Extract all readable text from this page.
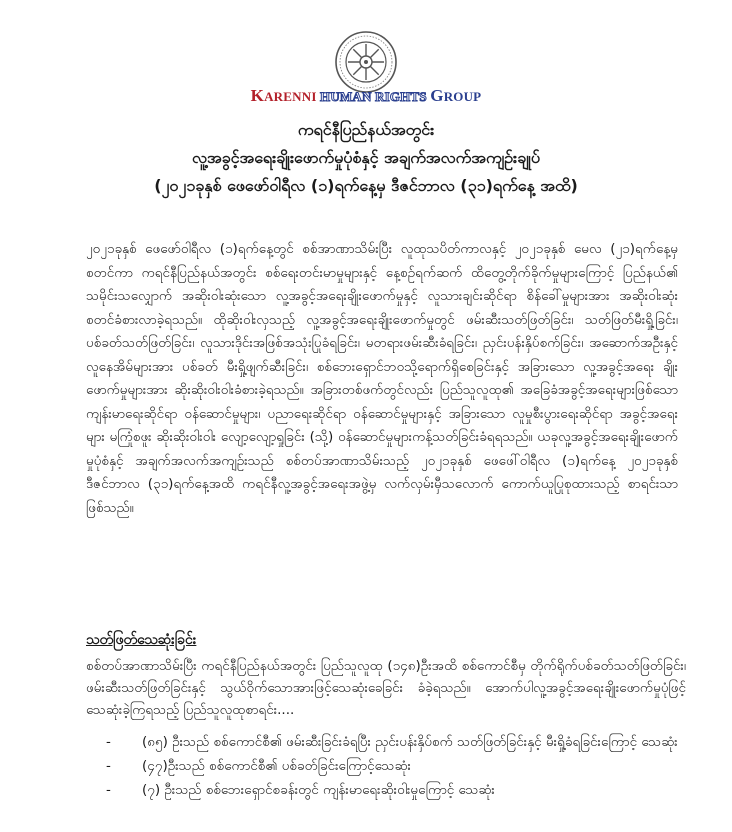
KARENNI HUMAN RIGHTS GROUP
ကရင်နီပြည်နယ်အတွင်း
လူ့အခွင့်အရေးချိုးဖောက်မှုပုံစံနှင့် အချက်အလက်အကျဉ်းချုပ်
(၂၀၂၁ခုနှစ် ဖေဖော်ဝါရီလ (၁)ရက်နေ့မှ ဒီဇင်ဘာလ (၃၁)ရက်နေ့ အထိ)
၂၀၂၁ခုနှစ် ဖေဖော်ဝါရီလ (၁)ရက်နေ့တွင် စစ်အာဏာသိမ်းပြီး လူထုသပိတ်ကာလနှင့် ၂၀၂၁ခုနှစ် မေလ (၂၁)ရက်နေ့မှ စတင်ကာ ကရင်နီပြည်နယ်အတွင်း စစ်ရေးတင်းမာမှုများနှင့် နေ့စဉ်ရက်ဆက် ထိတွေ့တိုက်ခိုက်မှုများကြောင့် ပြည်နယ်၏ သမိုင်းသလျှောက် အဆိုးဝါးဆုံးသော လူ့အခွင့်အရေးချိုးဖောက်မှုနှင့် လူသားချင်းဆိုင်ရာ စိန်ခေါ်မှုများအား အဆိုးဝါးဆုံး စတင်ခံစားလာခဲ့ရသည်။ ထိုဆိုးဝါးလှသည့် လူ့အခွင့်အရေးချိုးဖောက်မှုတွင် ဖမ်းဆီးသတ်ဖြတ်ခြင်း၊ သတ်ဖြတ်မီးရှို့ခြင်း၊ ပစ်ခတ်သတ်ဖြတ်ခြင်း၊ လူသားဒိုင်းအဖြစ်အသုံးပြုခံရခြင်း၊ မတရားဖမ်းဆီးခံရခြင်း၊ ညှင်းပန်းနှိပ်စက်ခြင်း၊ အဆောက်အဦးနှင့် လူနေအိမ်များအား ပစ်ခတ် မီးရှို့ဖျက်ဆီးခြင်း၊ စစ်ဘေးရှောင်ဘဝသို့ရောက်ရှိစေခြင်းနှင့် အခြားသော လူ့အခွင့်အရေး ချိုးဖောက်မှုများအား ဆိုးဆိုးဝါးဝါးခံစားခဲ့ရသည်။ အခြားတစ်ဖက်တွင်လည်း ပြည်သူလူထု၏ အခြေခံအခွင့်အရေးများဖြစ်သော ကျန်းမာရေးဆိုင်ရာ ဝန်ဆောင်မှုများ၊ ပညာရေးဆိုင်ရာ ဝန်ဆောင်မှုများနှင့် အခြားသော လူမှုစီးပွားရေးဆိုင်ရာ အခွင့်အရေးများ မကြုံစဖူး ဆိုးဆိုးဝါးဝါး လျော့လျော့ရှုခြင်း (သို့) ဝန်ဆောင်မှုများကန့်သတ်ခြင်းခံရရသည်။ ယခုလူ့အခွင့်အရေးချိုးဖောက်မှုပုံစံနှင့် အချက်အလက်အကျဉ်းသည် စစ်တပ်အာဏာသိမ်းသည့် ၂၀၂၁ခုနှစ် ဖေဖေါ်ဝါရီလ (၁)ရက်နေ့ ၂၀၂၁ခုနှစ် ဒီဇင်ဘာလ (၃၁)ရက်နေ့အထိ ကရင်နီလူ့အခွင့်အရေးအဖွဲ့မှ လက်လှမ်းမှီသလောက် ကောက်ယူပြုစုထားသည့် စာရင်းသာဖြစ်သည်။
သတ်ဖြတ်သေဆုံးခြင်း
စစ်တပ်အာဏာသိမ်းပြီး ကရင်နီပြည်နယ်အတွင်း ပြည်သူလူထု (၁၄၈)ဦးအထိ စစ်ကောင်စီမှ တိုက်ရိုက်ပစ်ခတ်သတ်ဖြတ်ခြင်း၊ ဖမ်းဆီးသတ်ဖြတ်ခြင်းနှင့် သွယ်ဝိုက်သောအားဖြင့်သေဆုံးခေခြင်း ခံခဲ့ရသည်။ အောက်ပါလူ့အခွင့်အရေးချိုးဖောက်မှုပုံဖြင့် သေဆုံးခဲ့ကြရသည့် ပြည်သူလူထုစာရင်း....
-	(၈၅) ဦးသည် စစ်ကောင်စီ၏ ဖမ်းဆီးခြင်းခံရပြီး ညှင်းပန်းနှိပ်စက် သတ်ဖြတ်ခြင်းနှင့် မီးရှို့ခံရခြင်းကြောင့် သေဆုံး
-	(၄၇)ဦးသည် စစ်ကောင်စီ၏ ပစ်ခတ်ခြင်းကြောင့်သေဆုံး
-	(၇) ဦးသည် စစ်ဘေးရှောင်စခန်းတွင် ကျန်းမာရေးဆိုးဝါးမှုကြောင့် သေဆုံး
